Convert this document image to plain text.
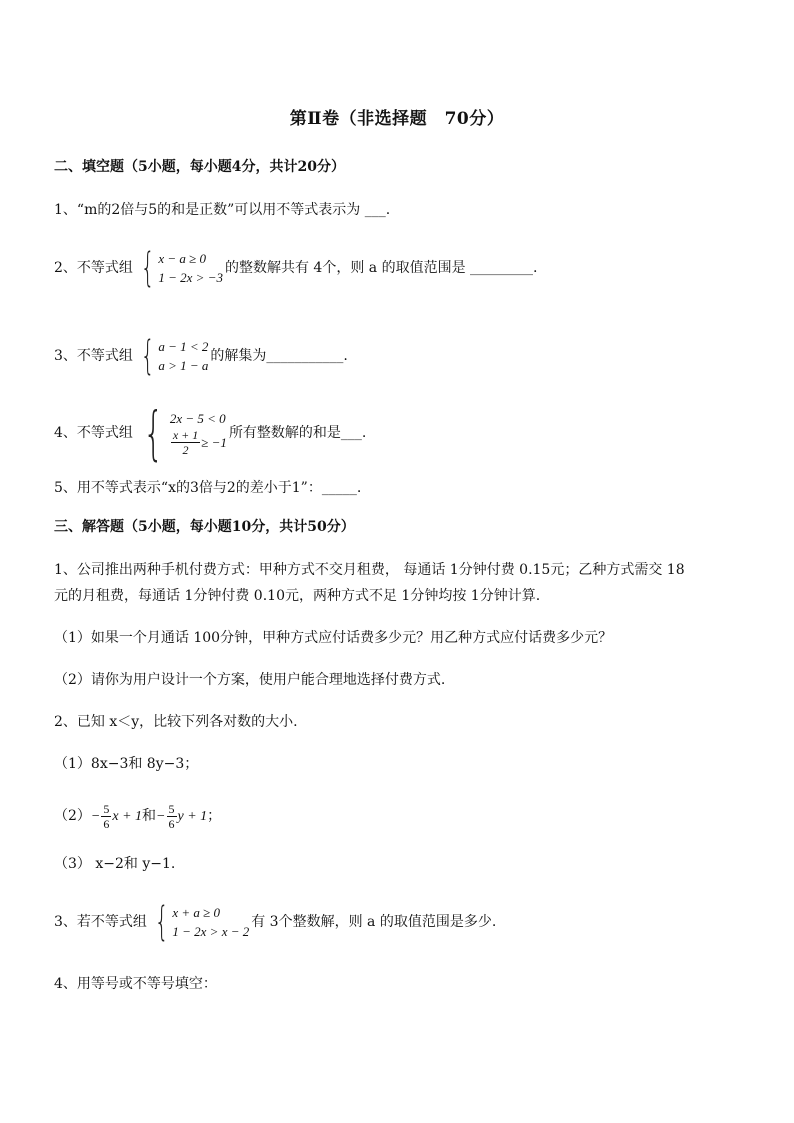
第Ⅱ卷（非选择题　70分）
二、填空题（5小题，每小题4分，共计20分）
1、“m的2倍与5的和是正数”可以用不等式表示为 ___.
2、不等式组 { x − a ≥ 0
1 − 2x > −3
的整数解共有 4个，则 a 的取值范围是 _________.
3、不等式组 { a − 1 < 2
a > 1 − a
的解集为___________.
4、不等式组 { 2x − 5 < 0
$\frac{x + 1}{2} \ge -1$
所有整数解的和是___.
5、用不等式表示“x的3倍与2的差小于1”：_____.
三、解答题（5小题，每小题10分，共计50分）
1、公司推出两种手机付费方式：甲种方式不交月租费， 每通话 1分钟付费 0.15元；乙种方式需交 18
元的月租费，每通话 1分钟付费 0.10元，两种方式不足 1分钟均按 1分钟计算.
（1）如果一个月通话 100分钟，甲种方式应付话费多少元？用乙种方式应付话费多少元？
（2）请你为用户设计一个方案，使用户能合理地选择付费方式.
2、已知 x＜y，比较下列各对数的大小.
（1）8x−3和 8y−3；
$(2)- \frac{5}{6}$ x + 1和− $\frac{5}{6}$ y + 1；
（3） x−2和 y−1.
3、若不等式组 { x + a ≥ 0
1 − 2x > x − 2
有 3个整数解，则 a 的取值范围是多少.
4、用等号或不等号填空：
